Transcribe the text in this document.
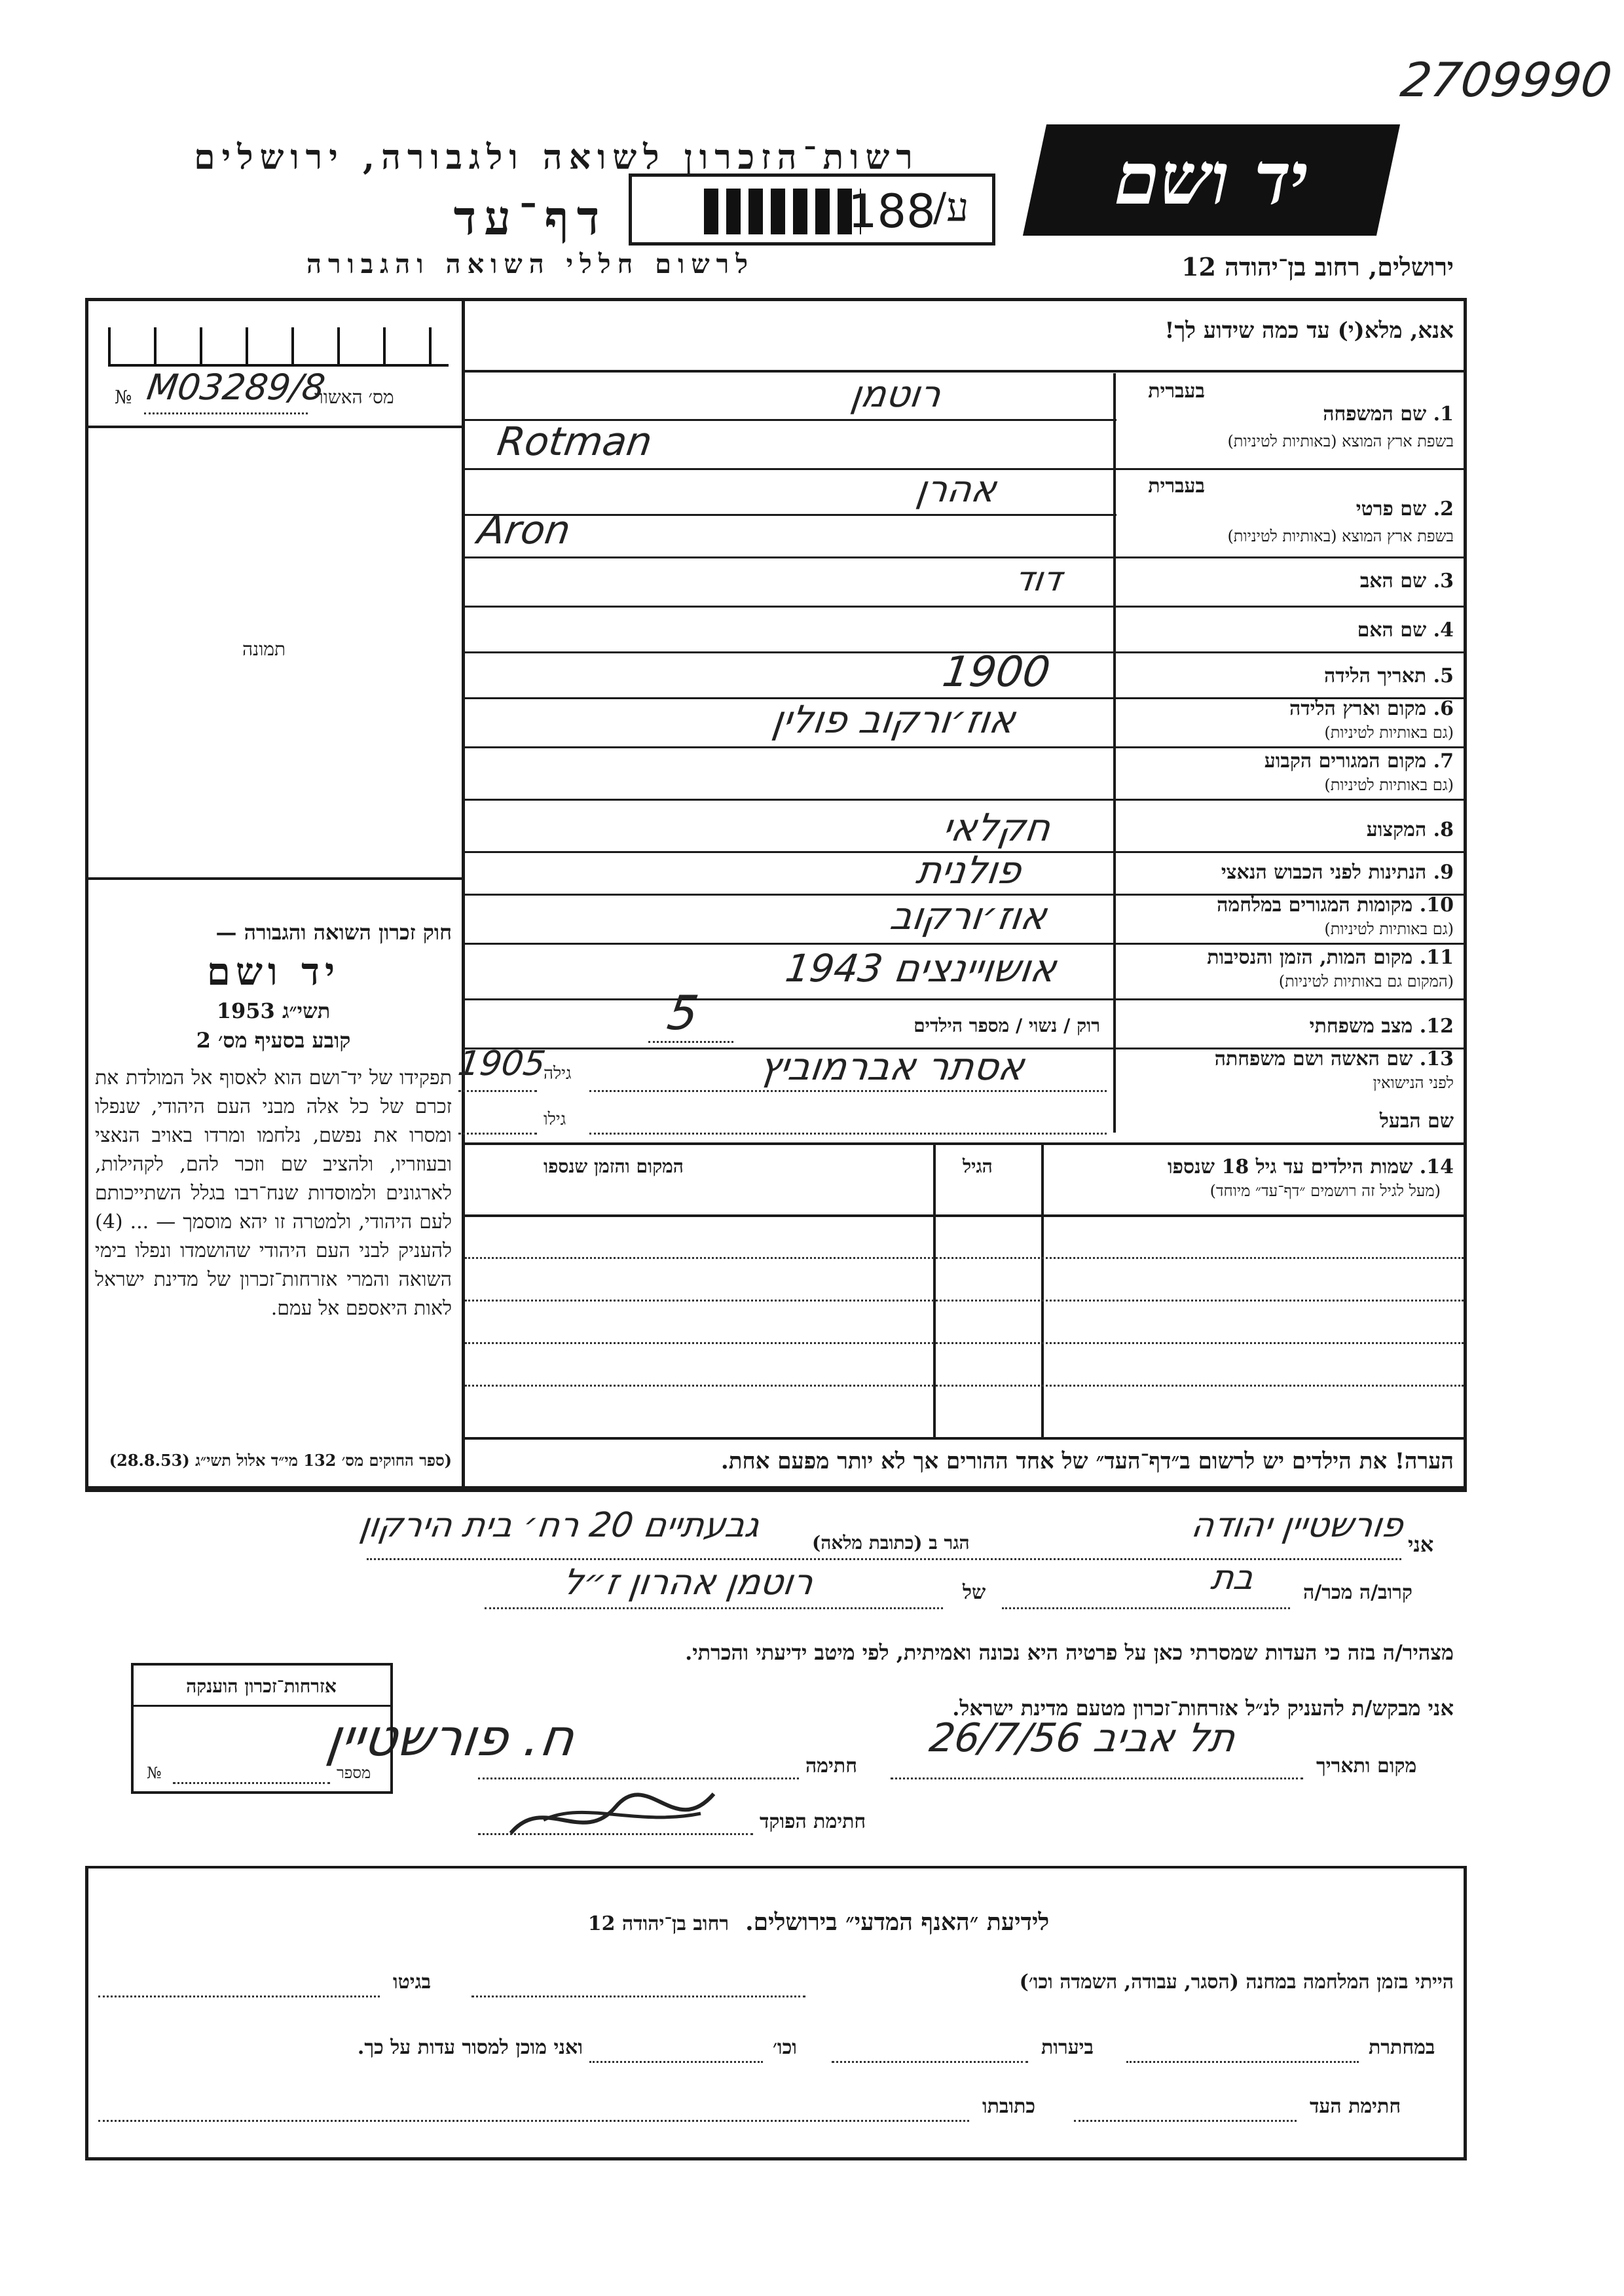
2709990
רשות־הזכרון לשואה ולגבורה, ירושלים
דף־עד
לרשום חללי השואה והגבורה
188
/ע	יד ושם
ירושלים, רחוב בן־יהודה 12
אנא, מלא(י) עד כמה שידוע לך!
מס׳ האשור
№ M03289/8
תמונה
בעברית
1. שם המשפחה
בשפת ארץ המוצא (באותיות לטיניות)
רוטמן
Rotman
בעברית
2. שם פרטי
בשפת ארץ המוצא (באותיות לטיניות)
אהרן
Aron
3. שם האב
דוד
4. שם האם
5. תאריך הלידה
1900
6. מקום וארץ הלידה
(גם באותיות לטיניות)
אוז׳ורקוב פולין
7. מקום המגורים הקבוע
(גם באותיות לטיניות)
8. המקצוע
חקלאי
9. הנתינות לפני הכבוש הנאצי
פולנית
10. מקומות המגורים במלחמה
(גם באותיות לטיניות)
אוז׳ורקוב
11. מקום המות, הזמן והנסיבות
(המקום גם באותיות לטיניות)
אושויינצים 1943
12. מצב משפחתי
רוק / נשוי / מספר הילדים
5
13. שם האשה ושם משפחתה
לפני הנישואין
אסתר אברמוביץ
גילה
1905
שם הבעל
גילו
14. שמות הילדים עד גיל 18 שנספו
(מעל לגיל זה רושמים ״דף־עד״ מיוחד)
הגיל
המקום והזמן שנספו
הערה! את הילדים יש לרשום ב״דף־העד״ של אחד ההורים אך לא יותר מפעם אחת.
חוק זכרון השואה והגבורה —
יד ושם
תשי״ג 1953
קובע בסעיף מס׳ 2
תפקידו של יד־ושם הוא לאסוף אל המולדת את זכרם של כל אלה מבני העם היהודי, שנפלו ומסרו את נפשם, נלחמו ומרדו באויב הנאצי ובעוזריו, ולהציב שם וזכר להם, לקהילות, לארגונים ולמוסדות שנח־רבו בגלל השתייכותם לעם היהודי, ולמטרה זו יהא מוסמך — ... (4) להעניק לבני העם היהודי שהושמדו ונפלו בימי השואה והמרי אזרחות־זכרון של מדינת ישראל לאות היאספם אל עמם.
(ספר החוקים מס׳ 132 מי״ד אלול תשי״ג (28.8.53)
אני
פורשטיין יהודה
הגר ב (כתובת מלאה)
גבעתיים 20 רח׳ בית הירקון
קרוב/ה מכר/ה
בת
של
רוטמן אהרון ז״ל
מצהיר/ה בזה כי העדות שמסרתי כאן על פרטיה היא נכונה ואמיתית, לפי מיטב ידיעתי והכרתי.
אני מבקש/ת להעניק לנ״ל אזרחות־זכרון מטעם מדינת ישראל.
מקום ותאריך
תל אביב 26/7/56
חתימה
ח. פורשטיין
חתימת הפוקד
אזרחות־זכרון הוענקה
№	מספר
לידיעת ״האנף המדעי״ בירושלים.  רחוב בן־יהודה 12
הייתי בזמן המלחמה במחנה (הסגר, עבודה, השמדה וכו׳)
בגיטו
במחתרת
ביערות
וכו׳
ואני מוכן למסור עדות על כך.
חתימת העד
כתובתו
